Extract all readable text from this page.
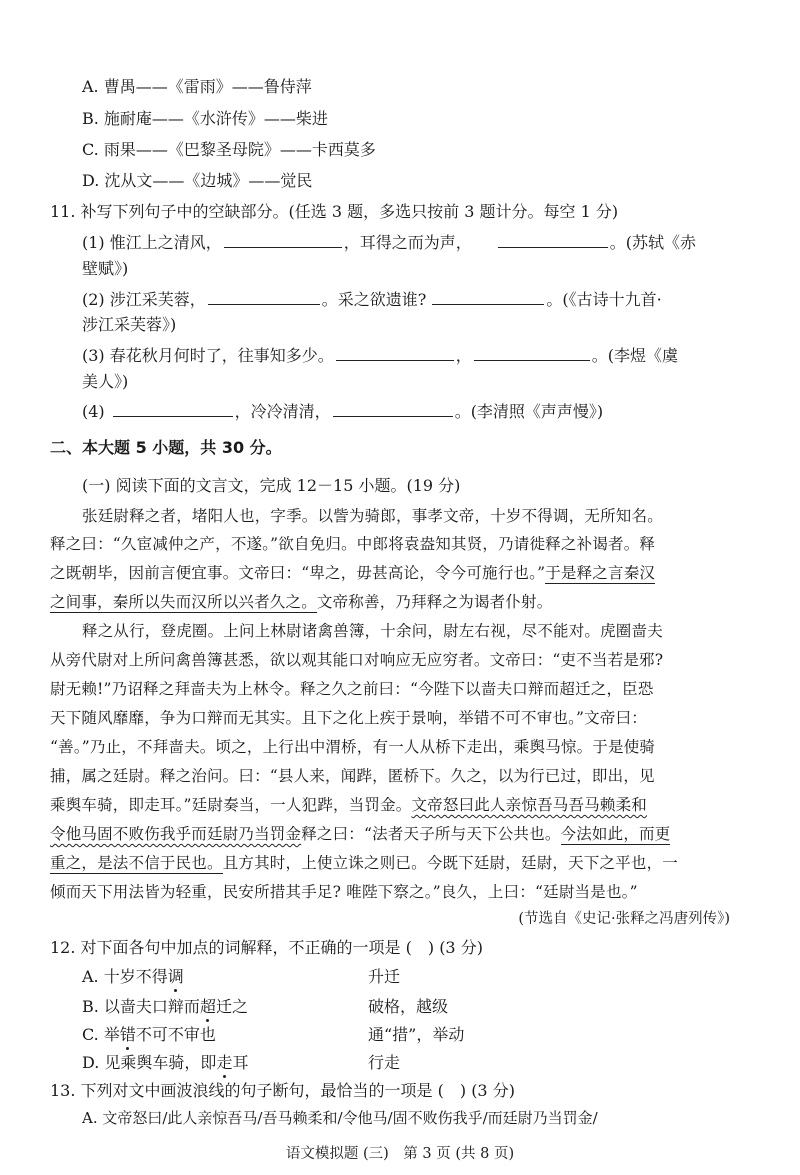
A. 曹禺——《雷雨》——鲁侍萍
B. 施耐庵——《水浒传》——柴进
C. 雨果——《巴黎圣母院》——卡西莫多
D. 沈从文——《边城》——觉民
11. 补写下列句子中的空缺部分。(任选 3 题，多选只按前 3 题计分。每空 1 分)
(1) 惟江上之清风，	，耳得之而为声，	。(苏轼《赤
壁赋》)
(2) 涉江采芙蓉，	。采之欲遗谁?	。(《古诗十九首·
涉江采芙蓉》)
(3) 春花秋月何时了，往事知多少。	，	。(李煜《虞
美人》)
(4)	，冷冷清清，	。(李清照《声声慢》)
二、本大题 5 小题，共 30 分。
(一) 阅读下面的文言文，完成 12－15 小题。(19 分)
张廷尉释之者，堵阳人也，字季。以訾为骑郎，事孝文帝，十岁不得调，无所知名。
释之曰：“久宦减仲之产，不遂。”欲自免归。中郎将袁盎知其贤，乃请徙释之补谒者。释
之既朝毕，因前言便宜事。文帝曰：“卑之，毋甚高论，令今可施行也。”于是释之言秦汉
之间事，秦所以失而汉所以兴者久之。文帝称善，乃拜释之为谒者仆射。
释之从行，登虎圈。上问上林尉诸禽兽簿，十余问，尉左右视，尽不能对。虎圈啬夫
从旁代尉对上所问禽兽簿甚悉，欲以观其能口对响应无应穷者。文帝曰：“吏不当若是邪?
尉无赖!”乃诏释之拜啬夫为上林令。释之久之前曰：“今陛下以啬夫口辩而超迁之，臣恐
天下随风靡靡，争为口辩而无其实。且下之化上疾于景响，举错不可不审也。”文帝曰：
“善。”乃止，不拜啬夫。顷之，上行出中渭桥，有一人从桥下走出，乘舆马惊。于是使骑
捕，属之廷尉。释之治问。曰：“县人来，闻跸，匿桥下。久之，以为行已过，即出，见
乘舆车骑，即走耳。”廷尉奏当，一人犯跸，当罚金。文帝怒曰此人亲惊吾马吾马赖柔和
令他马固不败伤我乎而廷尉乃当罚金释之曰：“法者天子所与天下公共也。今法如此，而更
重之，是法不信于民也。且方其时，上使立诛之则已。今既下廷尉，廷尉，天下之平也，一
倾而天下用法皆为轻重，民安所措其手足? 唯陛下察之。”良久，上曰：“廷尉当是也。”
(节选自《史记·张释之冯唐列传》)
12. 对下面各句中加点的词解释，不正确的一项是 (　) (3 分)
A. 十岁不得调	升迁
B. 以啬夫口辩而超迁之	破格，越级
C. 举错不可不审也	通“措”，举动
D. 见乘舆车骑，即走耳	行走
13. 下列对文中画波浪线的句子断句，最恰当的一项是 (　) (3 分)
A. 文帝怒曰/此人亲惊吾马/吾马赖柔和/令他马/固不败伤我乎/而廷尉乃当罚金/
语文模拟题 (三)　第 3 页 (共 8 页)
